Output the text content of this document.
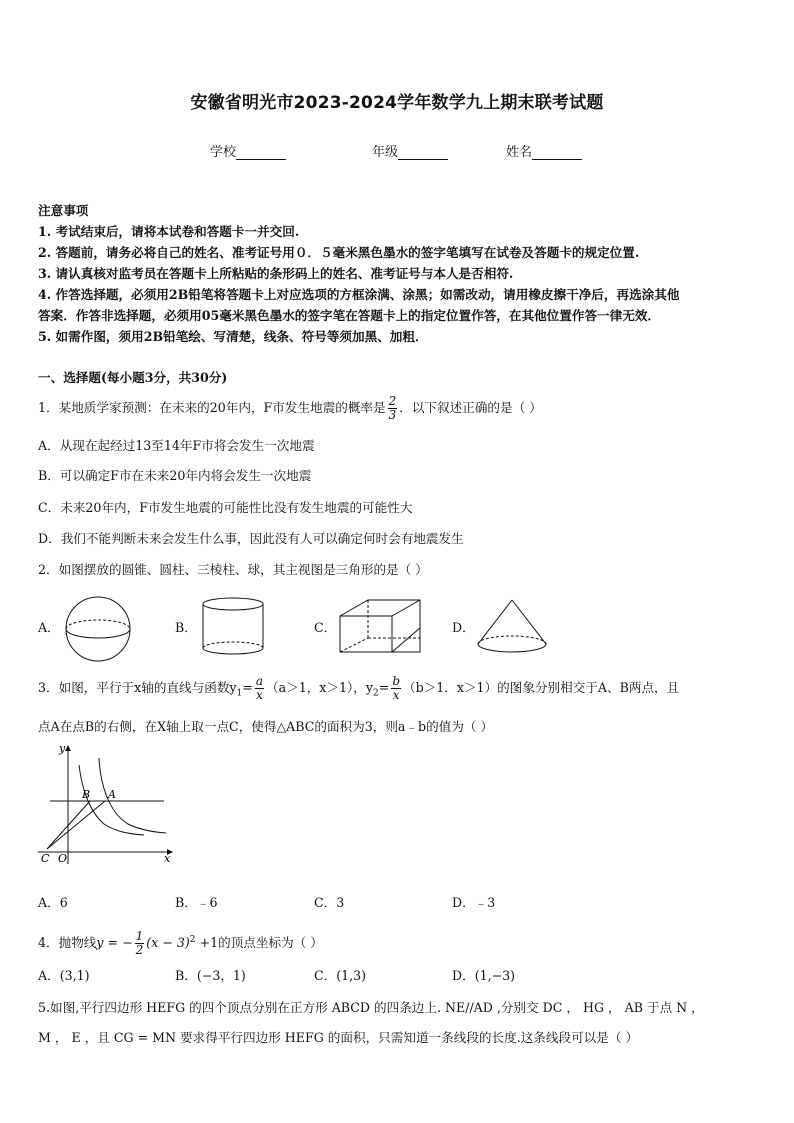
安徽省明光市2023-2024学年数学九上期末联考试题
学校	年级	姓名
注意事项
1. 考试结束后，请将本试卷和答题卡一并交回.
2. 答题前，请务必将自己的姓名、准考证号用０．５毫米黑色墨水的签字笔填写在试卷及答题卡的规定位置.
3. 请认真核对监考员在答题卡上所粘贴的条形码上的姓名、准考证号与本人是否相符.
4. 作答选择题，必须用2B铅笔将答题卡上对应选项的方框涂满、涂黑；如需改动，请用橡皮擦干净后，再选涂其他
答案．作答非选择题，必须用05毫米黑色墨水的签字笔在答题卡上的指定位置作答，在其他位置作答一律无效．
5. 如需作图，须用2B铅笔绘、写清楚，线条、符号等须加黑、加粗．
一、选择题(每小题3分，共30分)
1．某地质学家预测：在未来的20年内，F市发生地震的概率是 $\frac{2}{3}$ ．以下叙述正确的是（ ）
A．从现在起经过13至14年F市将会发生一次地震
B．可以确定F市在未来20年内将会发生一次地震
C．未来20年内，F市发生地震的可能性比没有发生地震的可能性大
D．我们不能判断未来会发生什么事，因此没有人可以确定何时会有地震发生
2．如图摆放的圆锥、圆柱、三棱柱、球，其主视图是三角形的是（ ）
A．	B．	C．	D．
3．如图，平行于x轴的直线与函数$y_1= \frac{a}{x} (a>1$，x＞1），$y_2= \frac{b}{x} (b>1$．x＞1）的图象分别相交于A、B两点，且
点A在点B的右侧，在X轴上取一点C，使得△ABC的面积为3，则a﹣b的值为（ ）
y
x
B A
C O
A．6	B．﹣6	C．3	D．﹣3
4．抛物线y = − $\frac{1}{2} (x - 3)^2 +1$的顶点坐标为（ ）
A．(3,1)	B．(−3，1)	C．(1,3)	D．(1,−3)
5.如图,平行四边形 HEFG 的四个顶点分别在正方形 ABCD 的四条边上. NE//AD ,分别交 DC ， HG ， AB 于点 N ，
M ， E ，且 CG = MN 要求得平行四边形 HEFG 的面积，只需知道一条线段的长度.这条线段可以是（ ）
